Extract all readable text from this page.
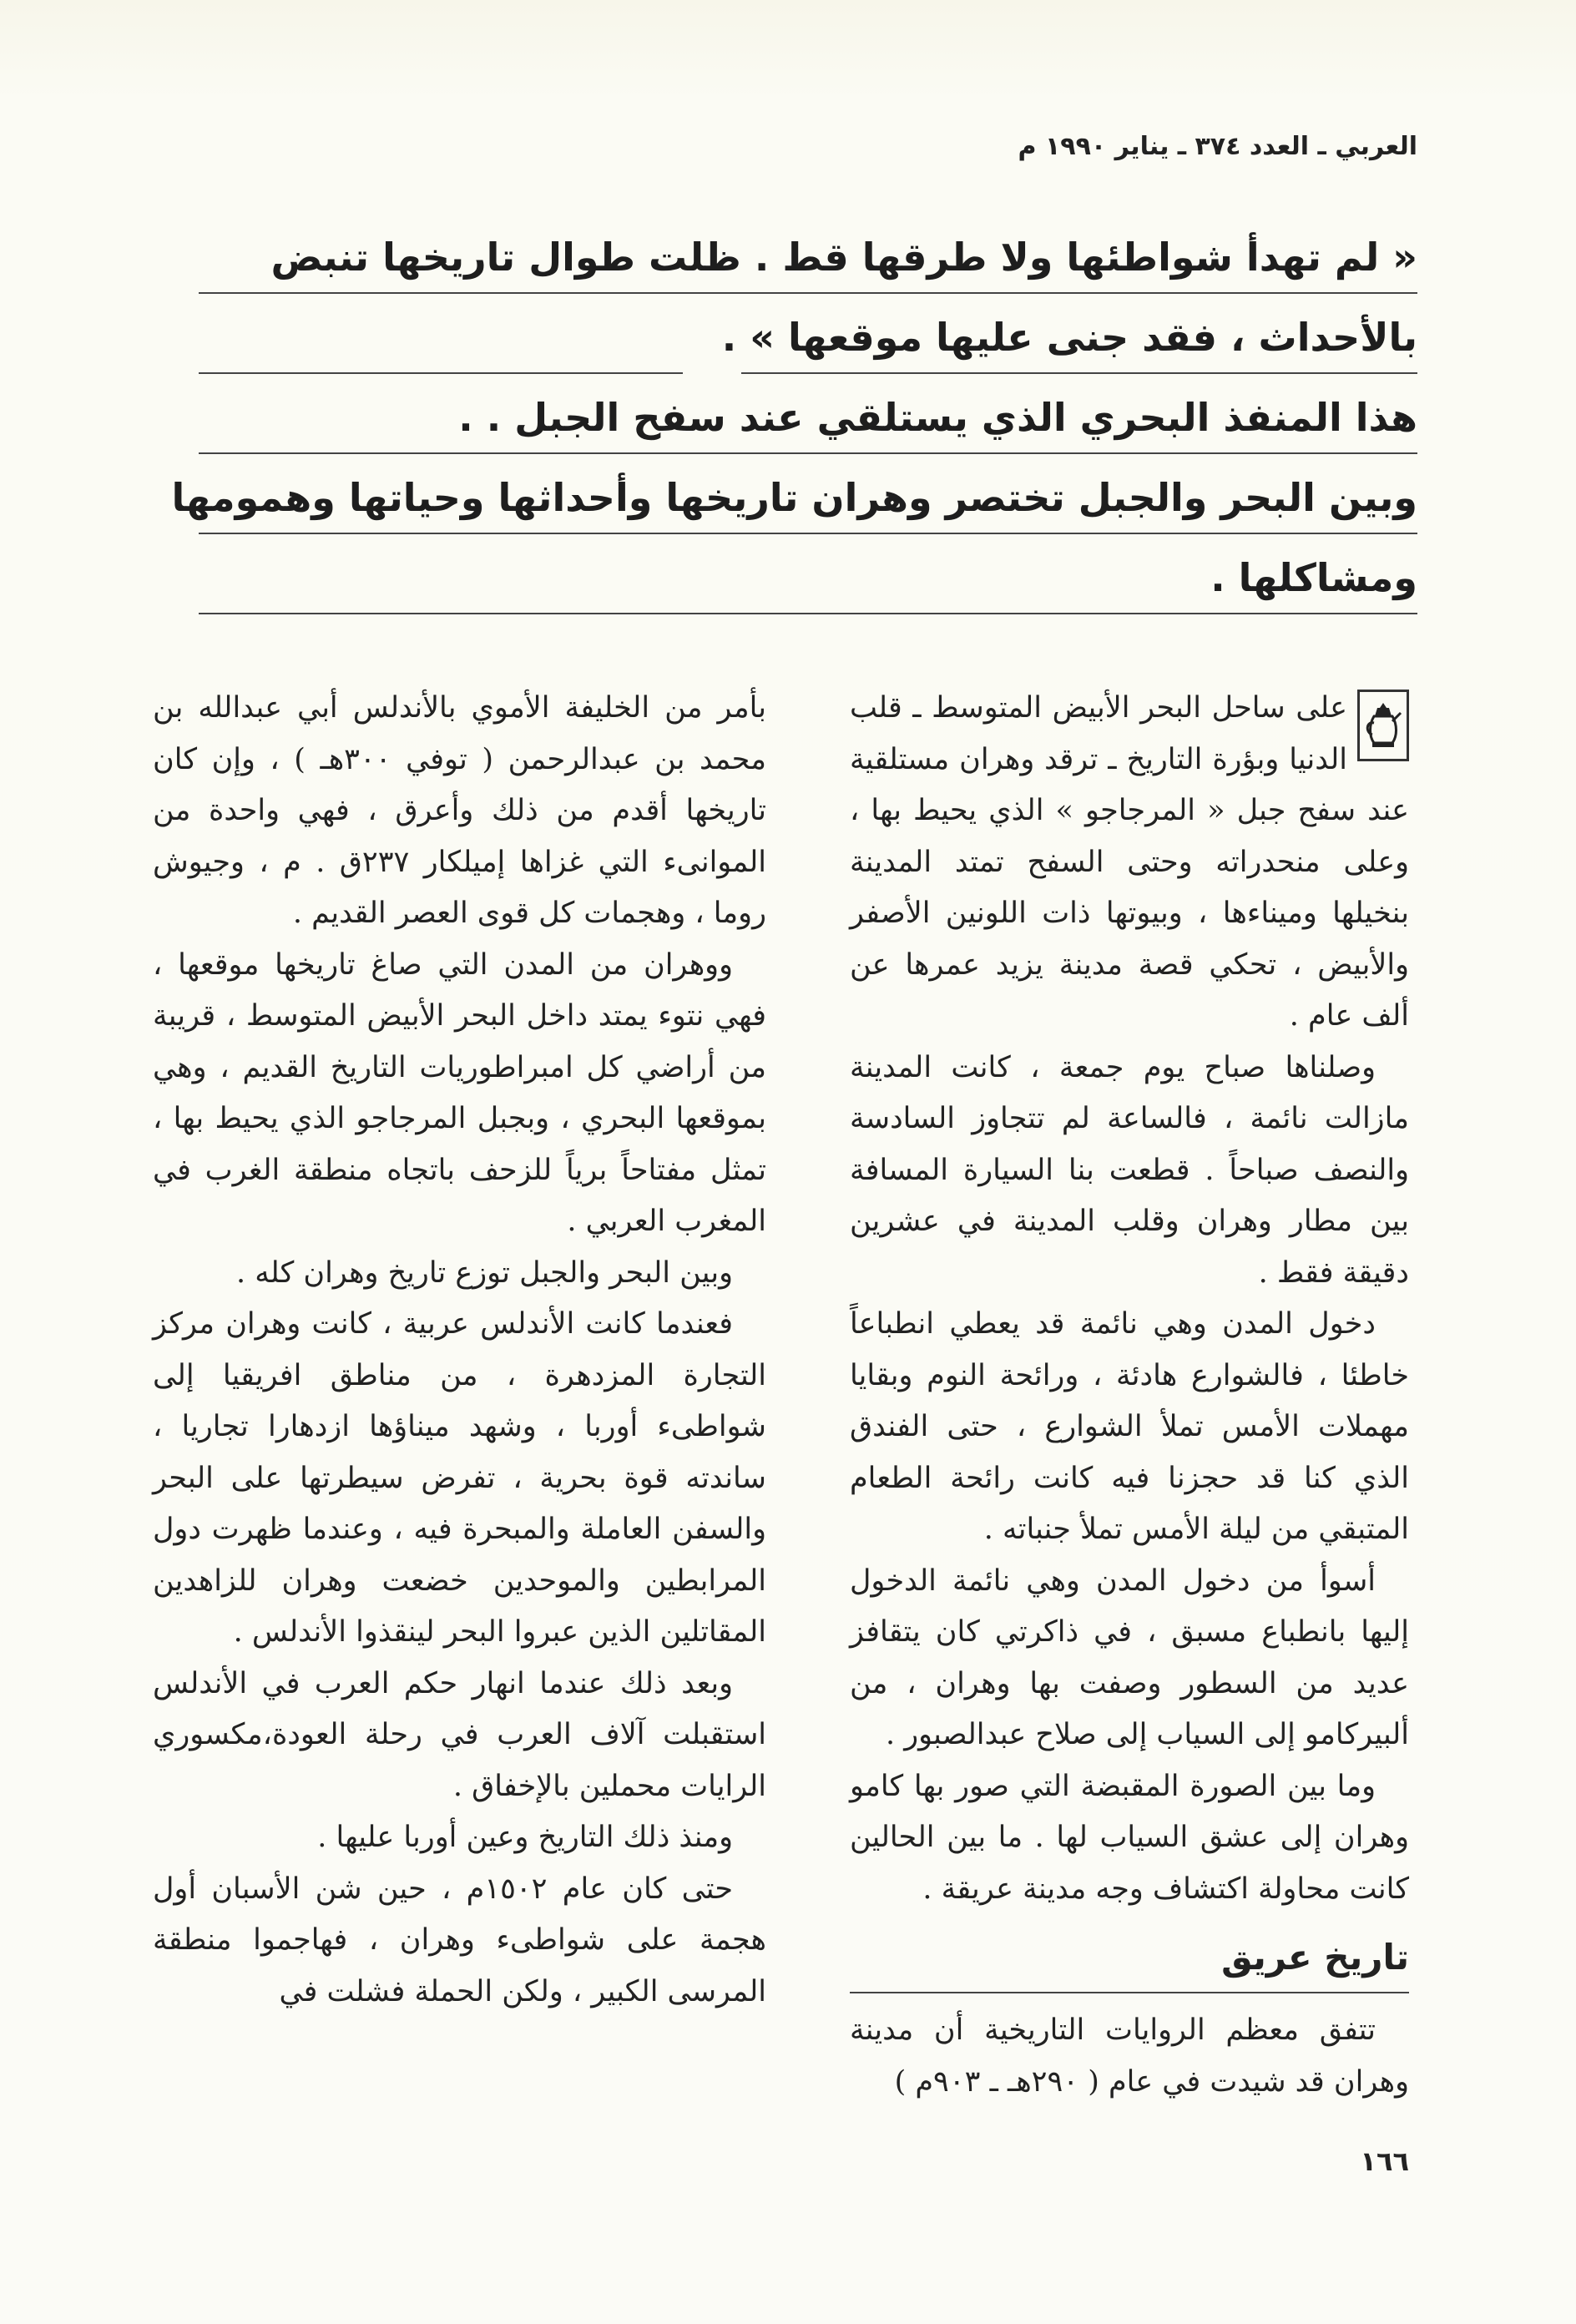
العربي ـ العدد ٣٧٤ ـ يناير ١٩٩٠ م
« لم تهدأ شواطئها ولا طرقها قط . ظلت طوال تاريخها تنبض
بالأحداث ، فقد جنى عليها موقعها » .
هذا المنفذ البحري الذي يستلقي عند سفح الجبل . .
وبين البحر والجبل تختصر وهران تاريخها وأحداثها وحياتها وهمومها
ومشاكلها .

على ساحل البحر الأبيض المتوسط ـ قلب الدنيا وبؤرة التاريخ ـ ترقد وهران مستلقية عند سفح جبل « المرجاجو » الذي يحيط بها ، وعلى منحدراته وحتى السفح تمتد المدينة بنخيلها وميناءها ، وبيوتها ذات اللونين الأصفر والأبيض ، تحكي قصة مدينة يزيد عمرها عن ألف عام .

وصلناها صباح يوم جمعة ، كانت المدينة مازالت نائمة ، فالساعة لم تتجاوز السادسة والنصف صباحاً . قطعت بنا السيارة المسافة بين مطار وهران وقلب المدينة في عشرين دقيقة فقط .

دخول المدن وهي نائمة قد يعطي انطباعاً خاطئا ، فالشوارع هادئة ، ورائحة النوم وبقايا مهملات الأمس تملأ الشوارع ، حتى الفندق الذي كنا قد حجزنا فيه كانت رائحة الطعام المتبقي من ليلة الأمس تملأ جنباته .

أسوأ من دخول المدن وهي نائمة الدخول إليها بانطباع مسبق ، في ذاكرتي كان يتقافز عديد من السطور وصفت بها وهران ، من ألبيركامو إلى السياب إلى صلاح عبدالصبور .

وما بين الصورة المقبضة التي صور بها كامو وهران إلى عشق السياب لها . ما بين الحالين كانت محاولة اكتشاف وجه مدينة عريقة .

تاريخ عريق

تتفق معظم الروايات التاريخية أن مدينة وهران قد شيدت في عام ( ٢٩٠هـ ـ ٩٠٣م )

بأمر من الخليفة الأموي بالأندلس أبي عبدالله بن محمد بن عبدالرحمن ( توفي ٣٠٠هـ ) ، وإن كان تاريخها أقدم من ذلك وأعرق ، فهي واحدة من الموانىء التي غزاها إميلكار ٢٣٧ق . م ، وجيوش روما ، وهجمات كل قوى العصر القديم .

ووهران من المدن التي صاغ تاريخها موقعها ، فهي نتوء يمتد داخل البحر الأبيض المتوسط ، قريبة من أراضي كل امبراطوريات التاريخ القديم ، وهي بموقعها البحري ، وبجبل المرجاجو الذي يحيط بها ، تمثل مفتاحاً برياً للزحف باتجاه منطقة الغرب في المغرب العربي .

وبين البحر والجبل توزع تاريخ وهران كله .

فعندما كانت الأندلس عربية ، كانت وهران مركز التجارة المزدهرة ، من مناطق افريقيا إلى شواطىء أوربا ، وشهد ميناؤها ازدهارا تجاريا ، ساندته قوة بحرية ، تفرض سيطرتها على البحر والسفن العاملة والمبحرة فيه ، وعندما ظهرت دول المرابطين والموحدين خضعت وهران للزاهدين المقاتلين الذين عبروا البحر لينقذوا الأندلس .

وبعد ذلك عندما انهار حكم العرب في الأندلس استقبلت آلاف العرب في رحلة العودة،مكسوري الرايات محملين بالإخفاق .

ومنذ ذلك التاريخ وعين أوربا عليها .

حتى كان عام ١٥٠٢م ، حين شن الأسبان أول هجمة على شواطىء وهران ، فهاجموا منطقة المرسى الكبير ، ولكن الحملة فشلت في

١٦٦
